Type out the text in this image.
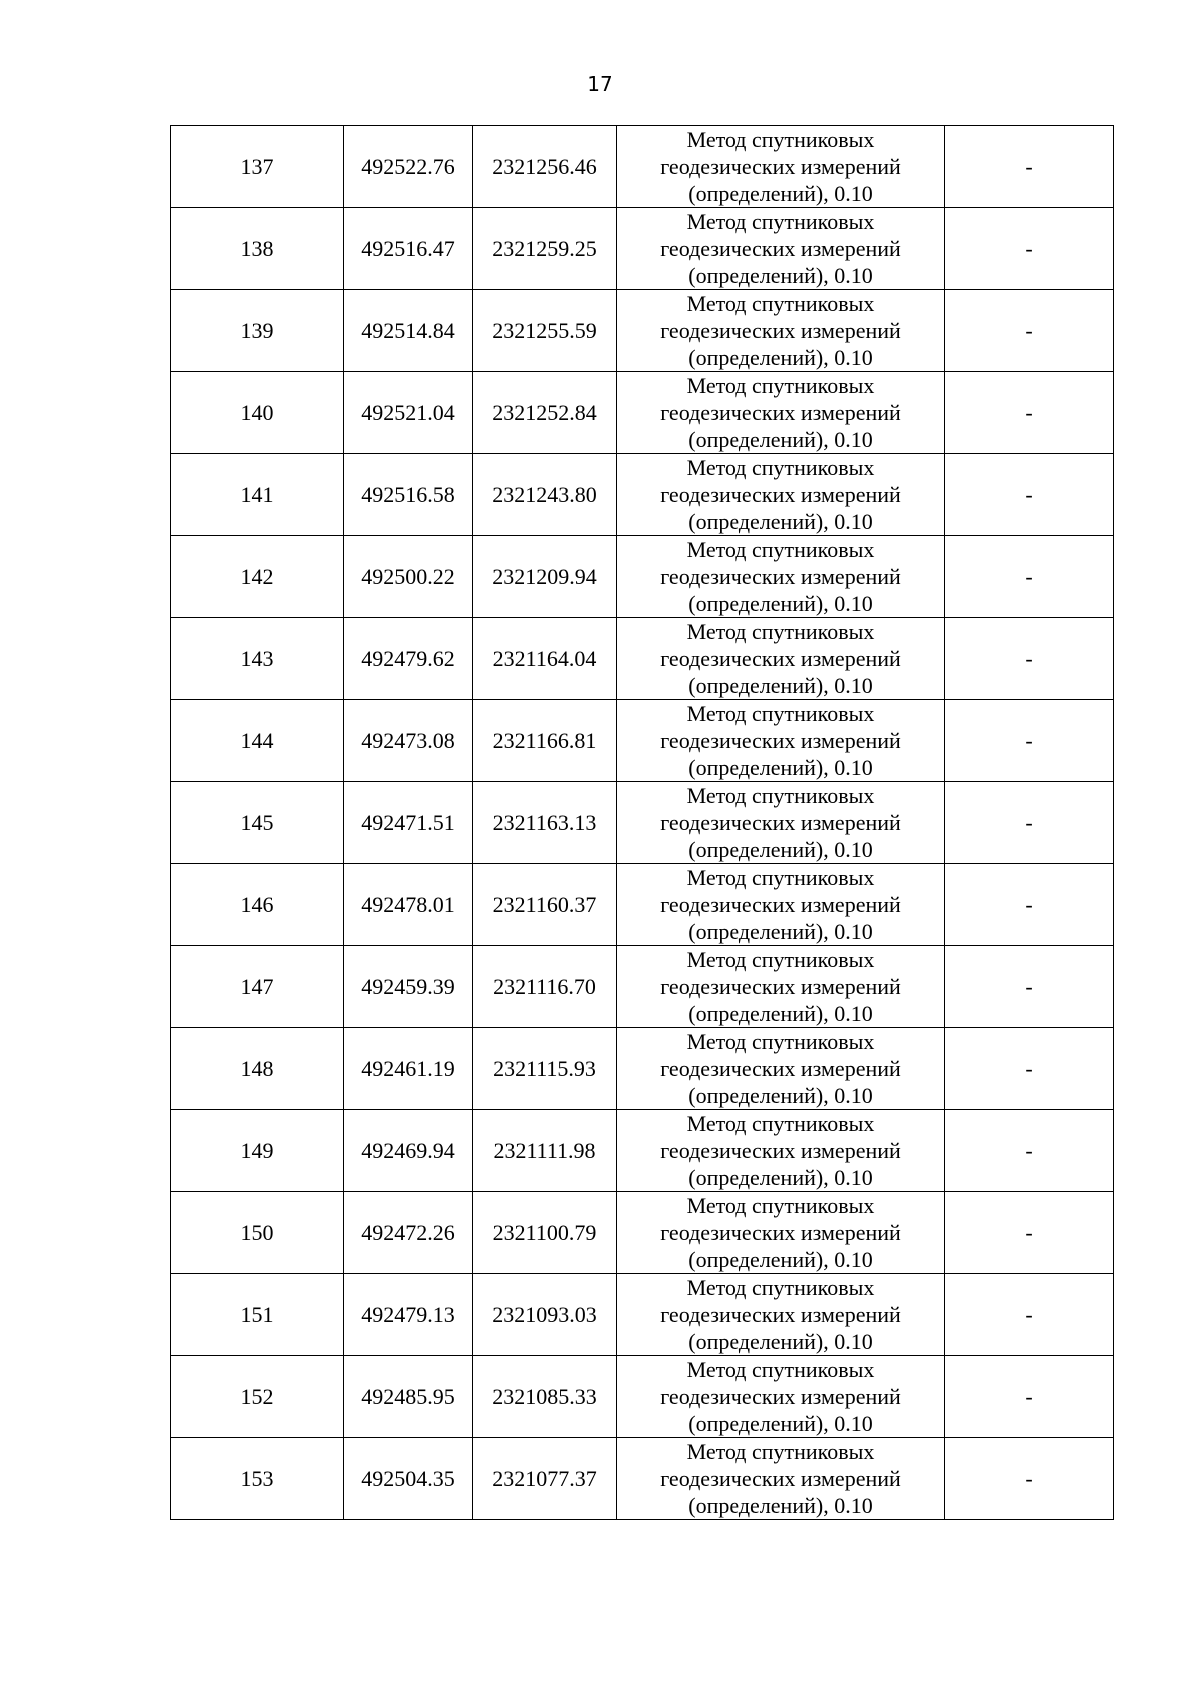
17
137	492522.76	2321256.46	Метод спутниковых
геодезических измерений
(определений), 0.10	-
138	492516.47	2321259.25	Метод спутниковых
геодезических измерений
(определений), 0.10	-
139	492514.84	2321255.59	Метод спутниковых
геодезических измерений
(определений), 0.10	-
140	492521.04	2321252.84	Метод спутниковых
геодезических измерений
(определений), 0.10	-
141	492516.58	2321243.80	Метод спутниковых
геодезических измерений
(определений), 0.10	-
142	492500.22	2321209.94	Метод спутниковых
геодезических измерений
(определений), 0.10	-
143	492479.62	2321164.04	Метод спутниковых
геодезических измерений
(определений), 0.10	-
144	492473.08	2321166.81	Метод спутниковых
геодезических измерений
(определений), 0.10	-
145	492471.51	2321163.13	Метод спутниковых
геодезических измерений
(определений), 0.10	-
146	492478.01	2321160.37	Метод спутниковых
геодезических измерений
(определений), 0.10	-
147	492459.39	2321116.70	Метод спутниковых
геодезических измерений
(определений), 0.10	-
148	492461.19	2321115.93	Метод спутниковых
геодезических измерений
(определений), 0.10	-
149	492469.94	2321111.98	Метод спутниковых
геодезических измерений
(определений), 0.10	-
150	492472.26	2321100.79	Метод спутниковых
геодезических измерений
(определений), 0.10	-
151	492479.13	2321093.03	Метод спутниковых
геодезических измерений
(определений), 0.10	-
152	492485.95	2321085.33	Метод спутниковых
геодезических измерений
(определений), 0.10	-
153	492504.35	2321077.37	Метод спутниковых
геодезических измерений
(определений), 0.10	-
